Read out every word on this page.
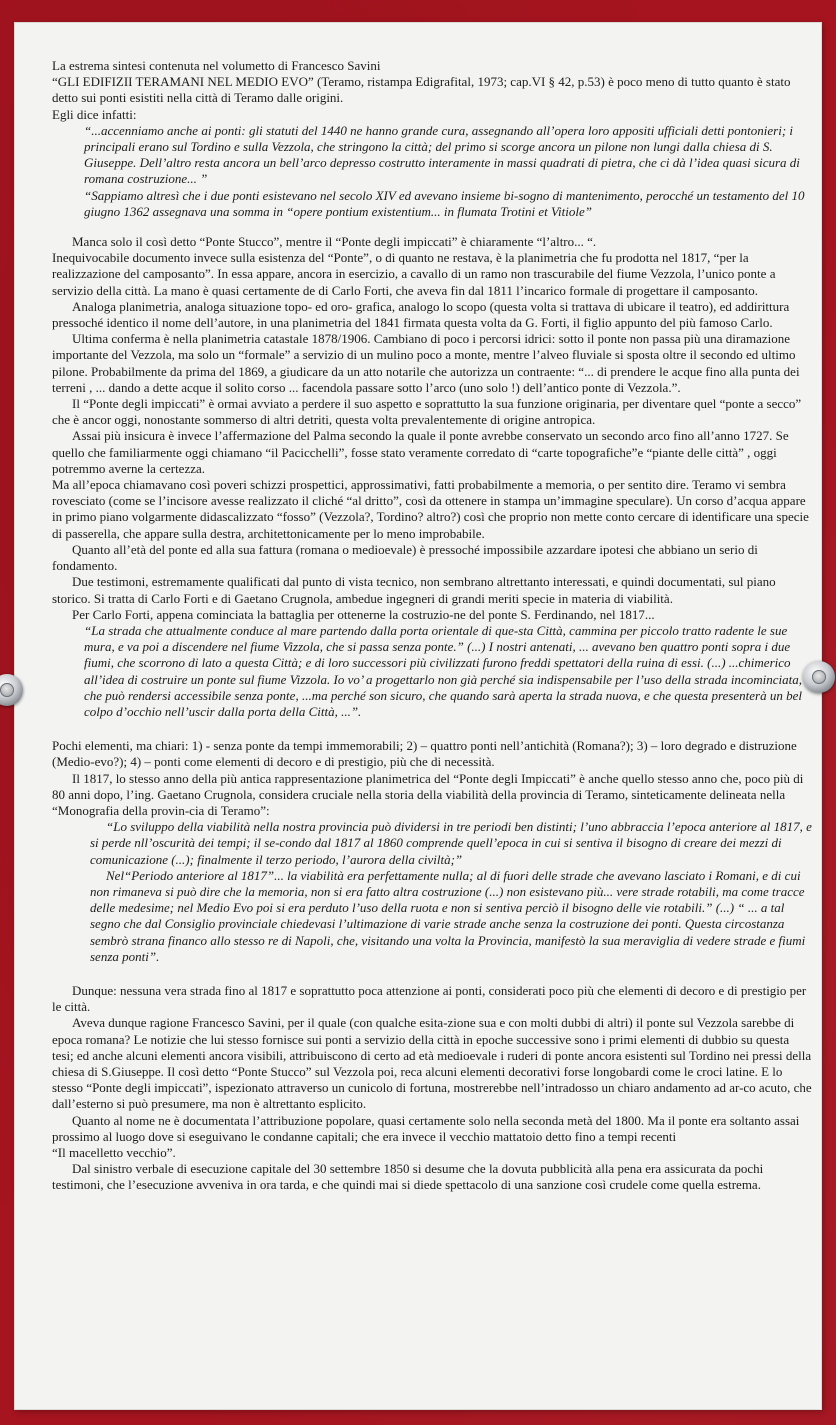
La estrema sintesi contenuta nel volumetto di Francesco Savini

“GLI EDIFIZII TERAMANI NEL MEDIO EVO” (Teramo, ristampa Edigrafital, 1973; cap.VI § 42, p.53) è poco meno di tutto quanto è stato detto sui ponti esistiti nella città di Teramo dalle origini.

Egli dice infatti:

“...accenniamo anche ai ponti: gli statuti del 1440 ne hanno grande cura, assegnando all’opera loro appositi ufficiali detti pontonieri; i principali erano sul Tordino e sulla Vezzola, che stringono la città; del primo si scorge ancora un pilone non lungi dalla chiesa di S. Giuseppe. Dell’altro resta ancora un bell’arco depresso costrutto interamente in massi quadrati di pietra, che ci dà l’idea quasi sicura di romana costruzione... ”

“Sappiamo altresì che i due ponti esistevano nel secolo XIV ed avevano insieme bi-sogno di mantenimento, perocché un testamento del 10 giugno 1362 assegnava una somma in “opere pontium existentium... in flumata Trotini et Vitiole”

Manca solo il così detto “Ponte Stucco”, mentre il “Ponte degli impiccati” è chiaramente “l’altro... “.

Inequivocabile documento invece sulla esistenza del “Ponte”, o di quanto ne restava, è la planimetria che fu prodotta nel 1817, “per la realizzazione del camposanto”. In essa appare, ancora in esercizio, a cavallo di un ramo non trascurabile del fiume Vezzola, l’unico ponte a servizio della città. La mano è quasi certamente de di Carlo Forti, che aveva fin dal 1811 l’incarico formale di progettare il camposanto.

Analoga planimetria, analoga situazione topo- ed oro- grafica, analogo lo scopo (questa volta si trattava di ubicare il teatro), ed addirittura pressoché identico il nome dell’autore, in una planimetria del 1841 firmata questa volta da G. Forti, il figlio appunto del più famoso Carlo.

Ultima conferma è nella planimetria catastale 1878/1906. Cambiano di poco i percorsi idrici: sotto il ponte non passa più una diramazione importante del Vezzola, ma solo un “formale” a servizio di un mulino poco a monte, mentre l’alveo fluviale si sposta oltre il secondo ed ultimo pilone. Probabilmente da prima del 1869, a giudicare da un atto notarile che autorizza un contraente: “... di prendere le acque fino alla punta dei terreni , ... dando a dette acque il solito corso ... facendola passare sotto l’arco (uno solo !) dell’antico ponte di Vezzola.”.

Il “Ponte degli impiccati” è ormai avviato a perdere il suo aspetto e soprattutto la sua funzione originaria, per diventare quel “ponte a secco” che è ancor oggi, nonostante sommerso di altri detriti, questa volta prevalentemente di origine antropica.

Assai più insicura è invece l’affermazione del Palma secondo la quale il ponte avrebbe conservato un secondo arco fino all’anno 1727. Se quello che familiarmente oggi chiamano “il Pacicchelli”, fosse stato veramente corredato di “carte topografiche”e “piante delle città” , oggi potremmo averne la certezza.

Ma all’epoca chiamavano così poveri schizzi prospettici, approssimativi, fatti probabilmente a memoria, o per sentito dire. Teramo vi sembra rovesciato (come se l’incisore avesse realizzato il cliché “al dritto”, così da ottenere in stampa un’immagine speculare). Un corso d’acqua appare in primo piano volgarmente didascalizzato “fosso” (Vezzola?, Tordino? altro?) così che proprio non mette conto cercare di identificare una specie di passerella, che appare sulla destra, architettonicamente per lo meno improbabile.

Quanto all’età del ponte ed alla sua fattura (romana o medioevale) è pressoché impossibile azzardare ipotesi che abbiano un serio di fondamento.

Due testimoni, estremamente qualificati dal punto di vista tecnico, non sembrano altrettanto interessati, e quindi documentati, sul piano storico. Si tratta di Carlo Forti e di Gaetano Crugnola, ambedue ingegneri di grandi meriti specie in materia di viabilità.

Per Carlo Forti, appena cominciata la battaglia per ottenerne la costruzio-ne del ponte S. Ferdinando, nel 1817...

“La strada che attualmente conduce al mare partendo dalla porta orientale di que-sta Città, cammina per piccolo tratto radente le sue mura, e va poi a discendere nel fiume Vizzola, che si passa senza ponte.” (...) I nostri antenati, ... avevano ben quattro ponti sopra i due fiumi, che scorrono di lato a questa Città; e di loro successori più civilizzati furono freddi spettatori della ruina di essi. (...) ...chimerico all’idea di costruire un ponte sul fiume Vizzola. Io vo’ a progettarlo non già perché sia indispensabile per l’uso della strada incominciata, che può rendersi accessibile senza ponte, ...ma perché son sicuro, che quando sarà aperta la strada nuova, e che questa presenterà un bel colpo d’occhio nell’uscir dalla porta della Città, ...”.

Pochi elementi, ma chiari: 1) - senza ponte da tempi immemorabili; 2) – quattro ponti nell’antichità (Romana?); 3) – loro degrado e distruzione (Medio-evo?); 4) – ponti come elementi di decoro e di prestigio, più che di necessità.

Il 1817, lo stesso anno della più antica rappresentazione planimetrica del “Ponte degli Impiccati” è anche quello stesso anno che, poco più di 80 anni dopo, l’ing. Gaetano Crugnola, considera cruciale nella storia della viabilità della provincia di Teramo, sinteticamente delineata nella “Monografia della provin-cia di Teramo”:

“Lo sviluppo della viabilità nella nostra provincia può dividersi in tre periodi ben distinti; l’uno abbraccia l’epoca anteriore al 1817, e si perde nll’oscurità dei tempi; il se-condo dal 1817 al 1860 comprende quell’epoca in cui si sentiva il bisogno di creare dei mezzi di comunicazione (...); finalmente il terzo periodo, l’aurora della civiltà;”

Nel“Periodo anteriore al 1817”... la viabilità era perfettamente nulla; al di fuori delle strade che avevano lasciato i Romani, e di cui non rimaneva si può dire che la memoria, non si era fatto altra costruzione (...) non esistevano più... vere strade rotabili, ma come tracce delle medesime; nel Medio Evo poi si era perduto l’uso della ruota e non si sentiva perciò il bisogno delle vie rotabili.” (...) “ ... a tal segno che dal Consiglio provinciale chiedevasi l’ultimazione di varie strade anche senza la costruzione dei ponti. Questa circostanza sembrò strana financo allo stesso re di Napoli, che, visitando una volta la Provincia, manifestò la sua meraviglia di vedere strade e fiumi senza ponti”.

Dunque: nessuna vera strada fino al 1817 e soprattutto poca attenzione ai ponti, considerati poco più che elementi di decoro e di prestigio per le città.

Aveva dunque ragione Francesco Savini, per il quale (con qualche esita-zione sua e con molti dubbi di altri) il ponte sul Vezzola sarebbe di epoca romana? Le notizie che lui stesso fornisce sui ponti a servizio della città in epoche successive sono i primi elementi di dubbio su questa tesi; ed anche alcuni elementi ancora visibili, attribuiscono di certo ad età medioevale i ruderi di ponte ancora esistenti sul Tordino nei pressi della chiesa di S.Giuseppe. Il così detto “Ponte Stucco” sul Vezzola poi, reca alcuni elementi decorativi forse longobardi come le croci latine. E lo stesso “Ponte degli impiccati”, ispezionato attraverso un cunicolo di fortuna, mostrerebbe nell’intradosso un chiaro andamento ad ar-co acuto, che dall’esterno si può presumere, ma non è altrettanto esplicito.

Quanto al nome ne è documentata l’attribuzione popolare, quasi certamente solo nella seconda metà del 1800. Ma il ponte era soltanto assai prossimo al luogo dove si eseguivano le condanne capitali; che era invece il vecchio mattatoio detto fino a tempi recenti

“Il macelletto vecchio”.

Dal sinistro verbale di esecuzione capitale del 30 settembre 1850 si desume che la dovuta pubblicità alla pena era assicurata da pochi testimoni, che l’esecuzione avveniva in ora tarda, e che quindi mai si diede spettacolo di una sanzione così crudele come quella estrema.
